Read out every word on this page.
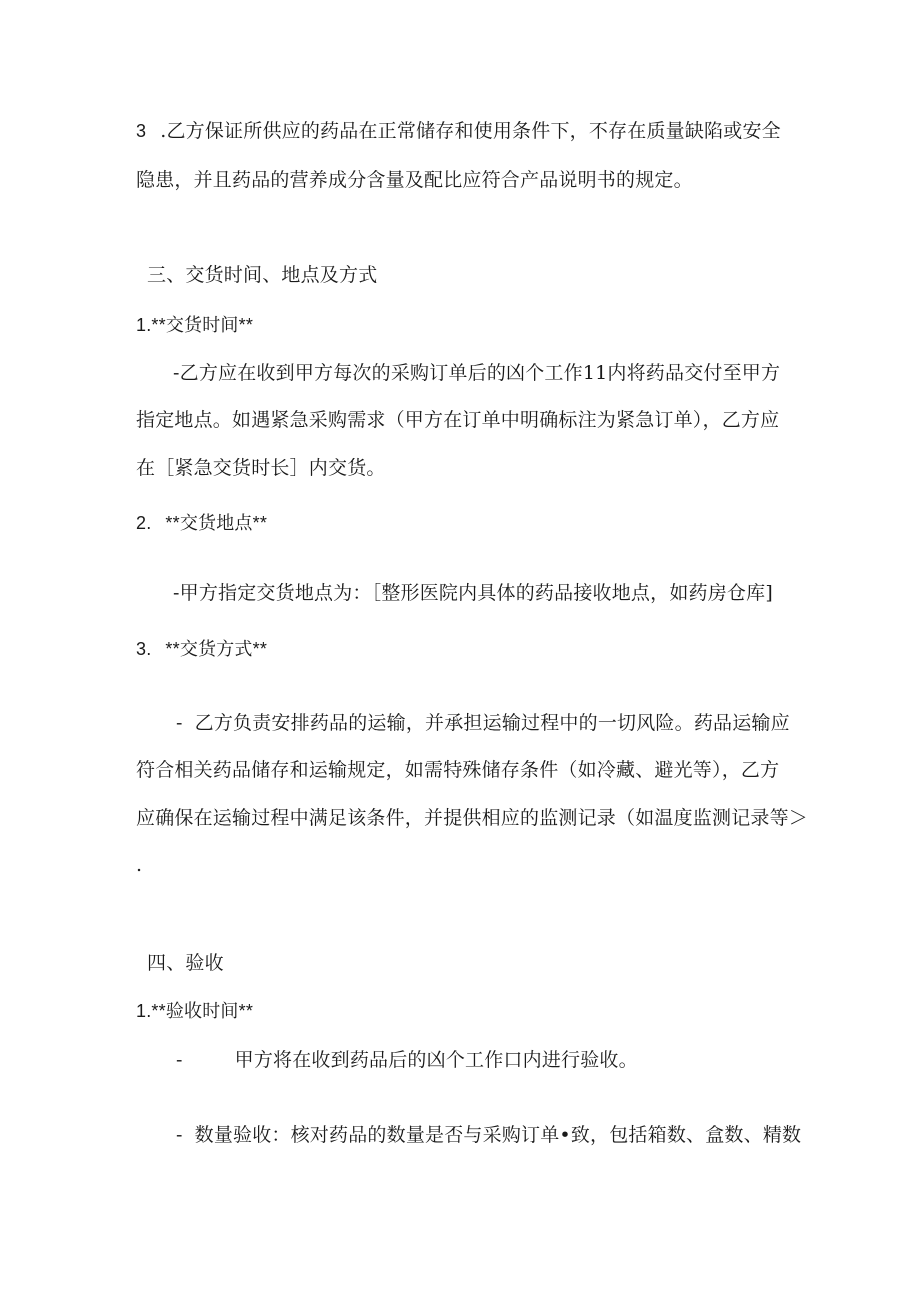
3 .乙方保证所供应的药品在正常储存和使用条件下，不存在质量缺陷或安全
隐患，并且药品的营养成分含量及配比应符合产品说明书的规定。
三、交货时间、地点及方式
1.**交货时间**
-乙方应在收到甲方每次的采购订单后的凶个工作11内将药品交付至甲方
指定地点。如遇紧急采购需求（甲方在订单中明确标注为紧急订单），乙方应
在［紧急交货时长］内交货。
2. **交货地点**
-甲方指定交货地点为：［整形医院内具体的药品接收地点，如药房仓库]
3. **交货方式**
- 乙方负责安排药品的运输，并承担运输过程中的一切风险。药品运输应
符合相关药品储存和运输规定，如需特殊储存条件（如冷藏、避光等），乙方
应确保在运输过程中满足该条件，并提供相应的监测记录（如温度监测记录等＞
.
四、验收
1.**验收时间**
-	甲方将在收到药品后的凶个工作口内进行验收。
- 数量验收：核对药品的数量是否与采购订单•致，包括箱数、盒数、精数
